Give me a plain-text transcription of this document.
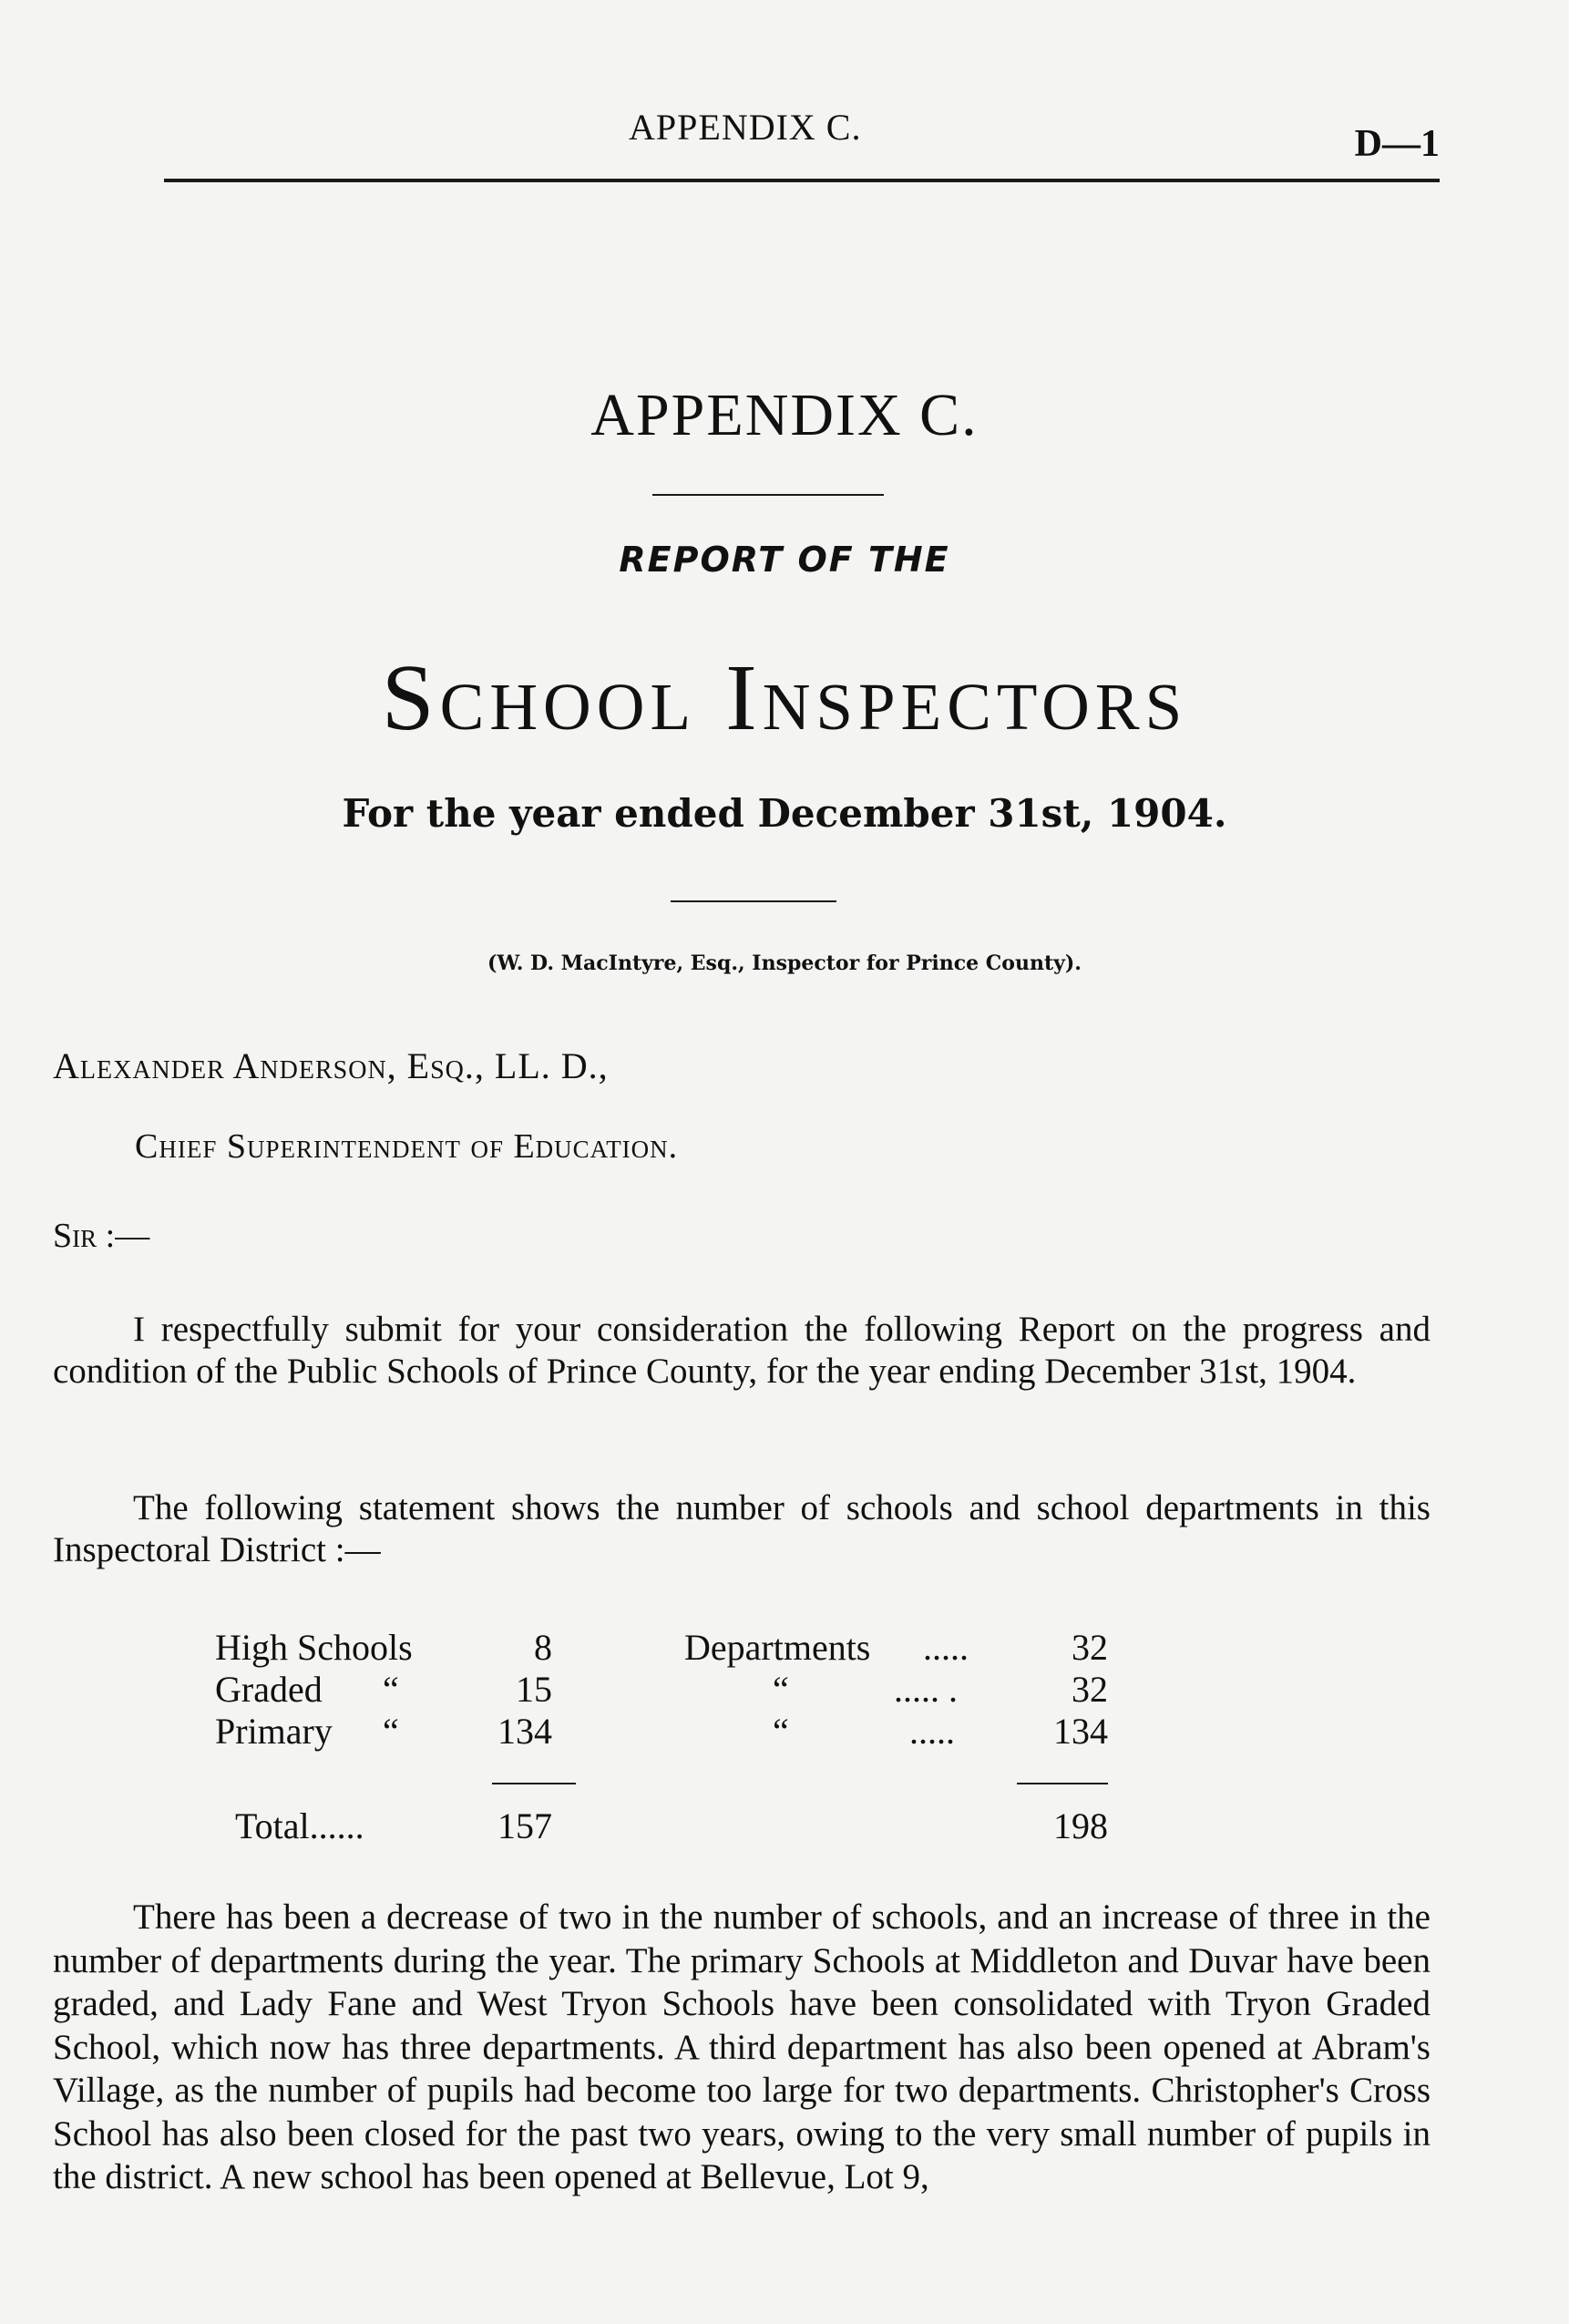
APPENDIX C.	D—1
APPENDIX C.
REPORT OF THE
School Inspectors
For the year ended December 31st, 1904.
(W. D. MacIntyre, Esq., Inspector for Prince County).
Alexander Anderson, Esq., LL. D.,
Chief Superintendent of Education.
Sir :—
I respectfully submit for your consideration the following Report on the progress and condition of the Public Schools of Prince County, for the year ending December 31st, 1904.
The following statement shows the number of schools and school departments in this Inspectoral District :—
High Schools	8	Departments .....	32
Graded “	15	“	..... .	32
Primary “	134	“	.....	134
Total......	157	198
There has been a decrease of two in the number of schools, and an increase of three in the number of departments during the year. The primary Schools at Middleton and Duvar have been graded, and Lady Fane and West Tryon Schools have been consolidated with Tryon Graded School, which now has three departments. A third department has also been opened at Abram's Village, as the number of pupils had become too large for two departments. Christopher's Cross School has also been closed for the past two years, owing to the very small number of pupils in the district. A new school has been opened at Bellevue, Lot 9,
